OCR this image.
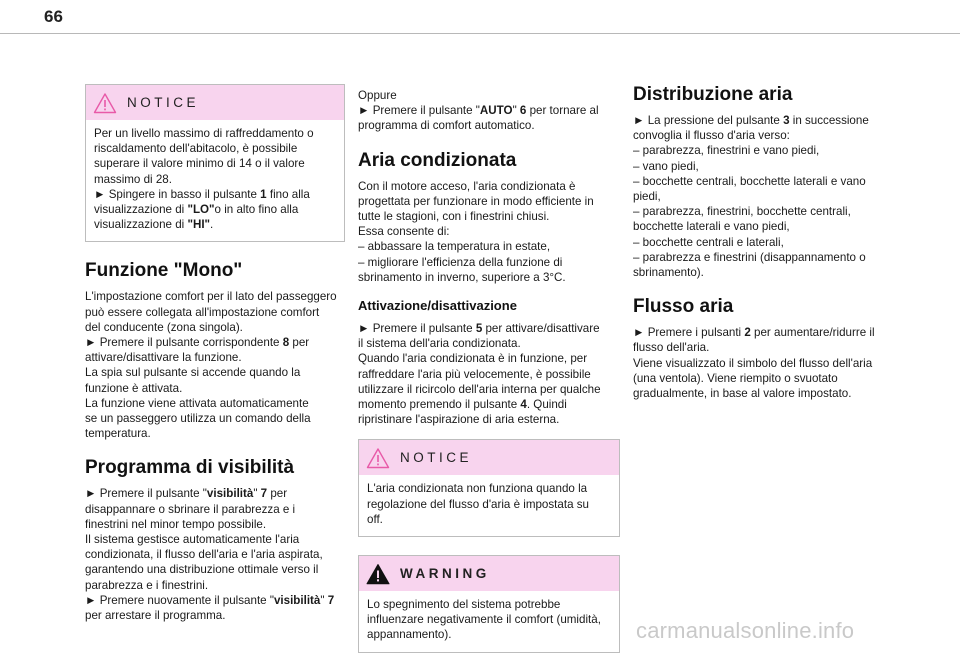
66
NOTICE
Per un livello massimo di raffreddamento o
riscaldamento dell'abitacolo, è possibile
superare il valore minimo di 14 o il valore
massimo di 28.
► Spingere in basso il pulsante 1 fino alla
visualizzazione di "LO"o in alto fino alla
visualizzazione di "HI".
Funzione "Mono"
L'impostazione comfort per il lato del passeggero
può essere collegata all'impostazione comfort
del conducente (zona singola).
► Premere il pulsante corrispondente 8 per
attivare/disattivare la funzione.
La spia sul pulsante si accende quando la
funzione è attivata.
La funzione viene attivata automaticamente
se un passeggero utilizza un comando della
temperatura.
Programma di visibilità
► Premere il pulsante "visibilità" 7 per
disappannare o sbrinare il parabrezza e i
finestrini nel minor tempo possibile.
Il sistema gestisce automaticamente l'aria
condizionata, il flusso dell'aria e l'aria aspirata,
garantendo una distribuzione ottimale verso il
parabrezza e i finestrini.
► Premere nuovamente il pulsante "visibilità" 7
per arrestare il programma.
Oppure
► Premere il pulsante "AUTO" 6 per tornare al
programma di comfort automatico.
Aria condizionata
Con il motore acceso, l'aria condizionata è
progettata per funzionare in modo efficiente in
tutte le stagioni, con i finestrini chiusi.
Essa consente di:
– abbassare la temperatura in estate,
– migliorare l'efficienza della funzione di
sbrinamento in inverno, superiore a 3°C.
Attivazione/disattivazione
► Premere il pulsante 5 per attivare/disattivare
il sistema dell'aria condizionata.
Quando l'aria condizionata è in funzione, per
raffreddare l'aria più velocemente, è possibile
utilizzare il ricircolo dell'aria interna per qualche
momento premendo il pulsante 4. Quindi
ripristinare l'aspirazione di aria esterna.
NOTICE
L'aria condizionata non funziona quando la
regolazione del flusso d'aria è impostata su
off.
WARNING
Lo spegnimento del sistema potrebbe
influenzare negativamente il comfort (umidità,
appannamento).
Distribuzione aria
► La pressione del pulsante 3 in successione
convoglia il flusso d'aria verso:
– parabrezza, finestrini e vano piedi,
– vano piedi,
– bocchette centrali, bocchette laterali e vano
piedi,
– parabrezza, finestrini, bocchette centrali,
bocchette laterali e vano piedi,
– bocchette centrali e laterali,
– parabrezza e finestrini (disappannamento o
sbrinamento).
Flusso aria
► Premere i pulsanti 2 per aumentare/ridurre il
flusso dell'aria.
Viene visualizzato il simbolo del flusso dell'aria
(una ventola). Viene riempito o svuotato
gradualmente, in base al valore impostato.
carmanualsonline.info
